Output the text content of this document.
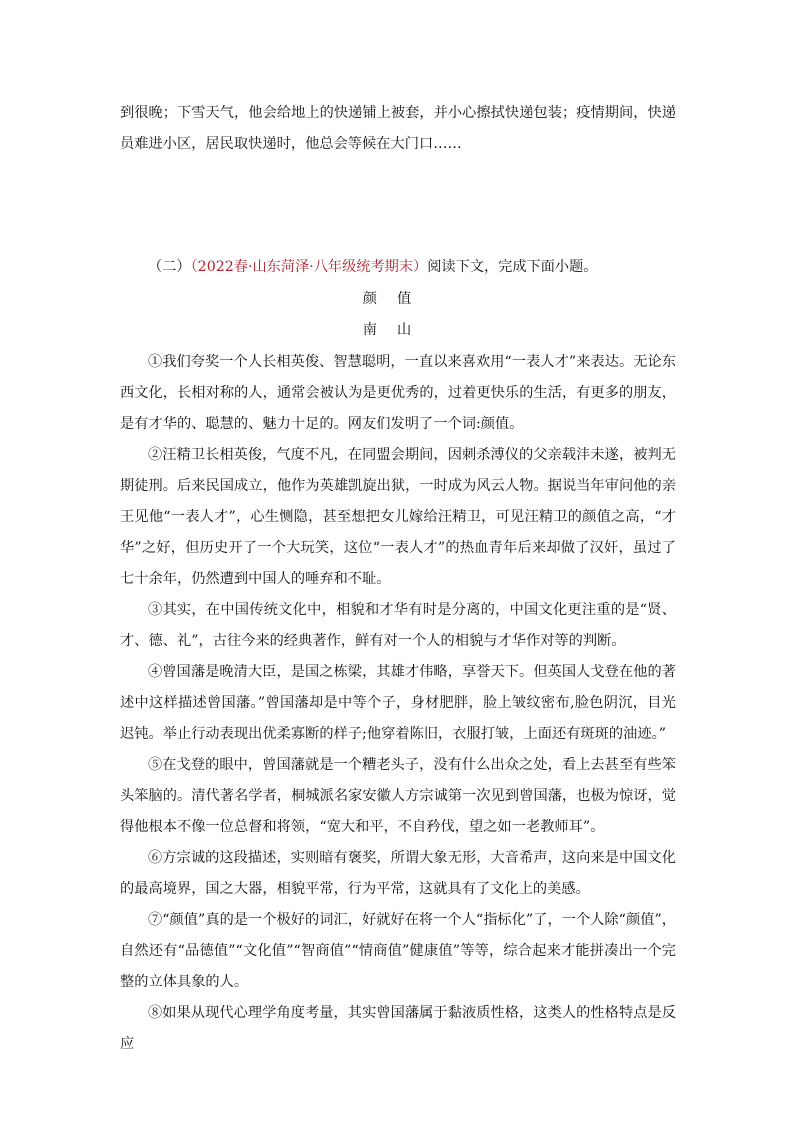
到很晚；下雪天气，他会给地上的快递铺上被套，并小心擦拭快递包装；疫情期间，快递员难进小区，居民取快递时，他总会等候在大门口……
（二）（2022春·山东菏泽·八年级统考期末）阅读下文，完成下面小题。
颜值
南山
①我们夸奖一个人长相英俊、智慧聪明，一直以来喜欢用“一表人才”来表达。无论东西文化，长相对称的人，通常会被认为是更优秀的，过着更快乐的生活，有更多的朋友，是有才华的、聪慧的、魅力十足的。网友们发明了一个词:颜值。
②汪精卫长相英俊，气度不凡，在同盟会期间，因刺杀溥仪的父亲载沣未遂，被判无期徒刑。后来民国成立，他作为英雄凯旋出狱，一时成为风云人物。据说当年审问他的亲王见他“一表人才”，心生恻隐，甚至想把女儿嫁给汪精卫，可见汪精卫的颜值之高，“才华”之好，但历史开了一个大玩笑，这位“一表人才”的热血青年后来却做了汉奸，虽过了七十余年，仍然遭到中国人的唾弃和不耻。
③其实，在中国传统文化中，相貌和才华有时是分离的，中国文化更注重的是“贤、才、德、礼”，古往今来的经典著作，鲜有对一个人的相貌与才华作对等的判断。
④曾国藩是晚清大臣，是国之栋梁，其雄才伟略，享誉天下。但英国人戈登在他的著述中这样描述曾国藩。”曾国藩却是中等个子，身材肥胖，脸上皱纹密布,脸色阴沉，目光迟钝。举止行动表现出优柔寡断的样子;他穿着陈旧，衣服打皱，上面还有斑斑的油迹。”
⑤在戈登的眼中，曾国藩就是一个糟老头子，没有什么出众之处，看上去甚至有些笨头笨脑的。清代著名学者，桐城派名家安徽人方宗诚第一次见到曾国藩，也极为惊讶，觉得他根本不像一位总督和将领，“宽大和平，不自矜伐，望之如一老教师耳”。
⑥方宗诚的这段描述，实则暗有褒奖，所谓大象无形，大音希声，这向来是中国文化的最高境界，国之大器，相貌平常，行为平常，这就具有了文化上的美感。
⑦“颜值”真的是一个极好的词汇，好就好在将一个人“指标化”了，一个人除“颜值”，自然还有“品德值”“文化值”“智商值”“情商值”健康值”等等，综合起来才能拼凑出一个完整的立体具象的人。
⑧如果从现代心理学角度考量，其实曾国藩属于黏液质性格，这类人的性格特点是反应
